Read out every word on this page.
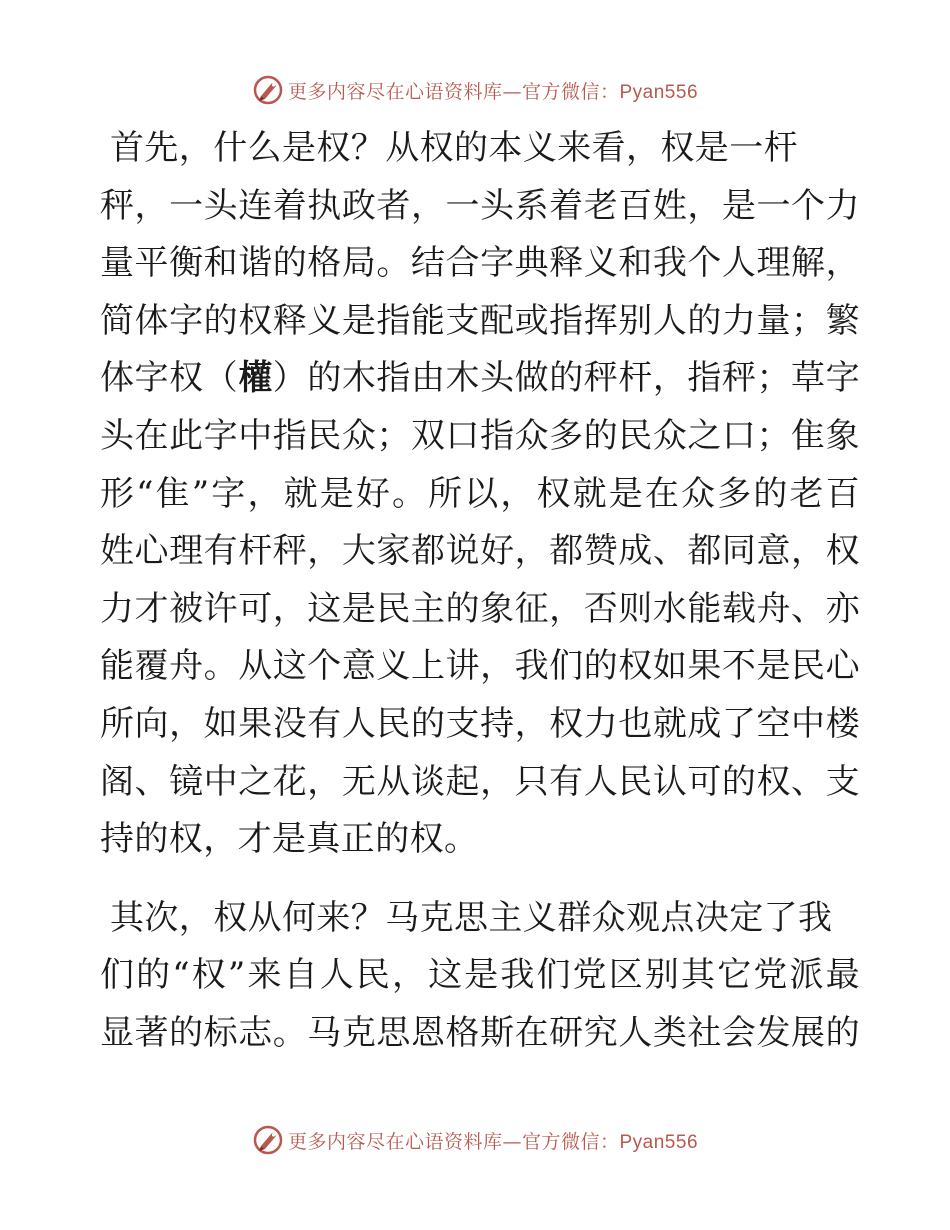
更多内容尽在心语资料库—官方微信：Pyan556
首先，什么是权？从权的本义来看，权是一杆
秤，一头连着执政者，一头系着老百姓，是一个力
量平衡和谐的格局。结合字典释义和我个人理解，
简体字的权释义是指能支配或指挥别人的力量；繁
体字权（權）的木指由木头做的秤杆，指秤；草字
头在此字中指民众；双口指众多的民众之口；隹象
形“隹”字，就是好。所以，权就是在众多的老百
姓心理有杆秤，大家都说好，都赞成、都同意，权
力才被许可，这是民主的象征，否则水能载舟、亦
能覆舟。从这个意义上讲，我们的权如果不是民心
所向，如果没有人民的支持，权力也就成了空中楼
阁、镜中之花，无从谈起，只有人民认可的权、支
持的权，才是真正的权。
其次，权从何来？马克思主义群众观点决定了我
们的“权”来自人民，这是我们党区别其它党派最
显著的标志。马克思恩格斯在研究人类社会发展的
更多内容尽在心语资料库—官方微信：Pyan556
